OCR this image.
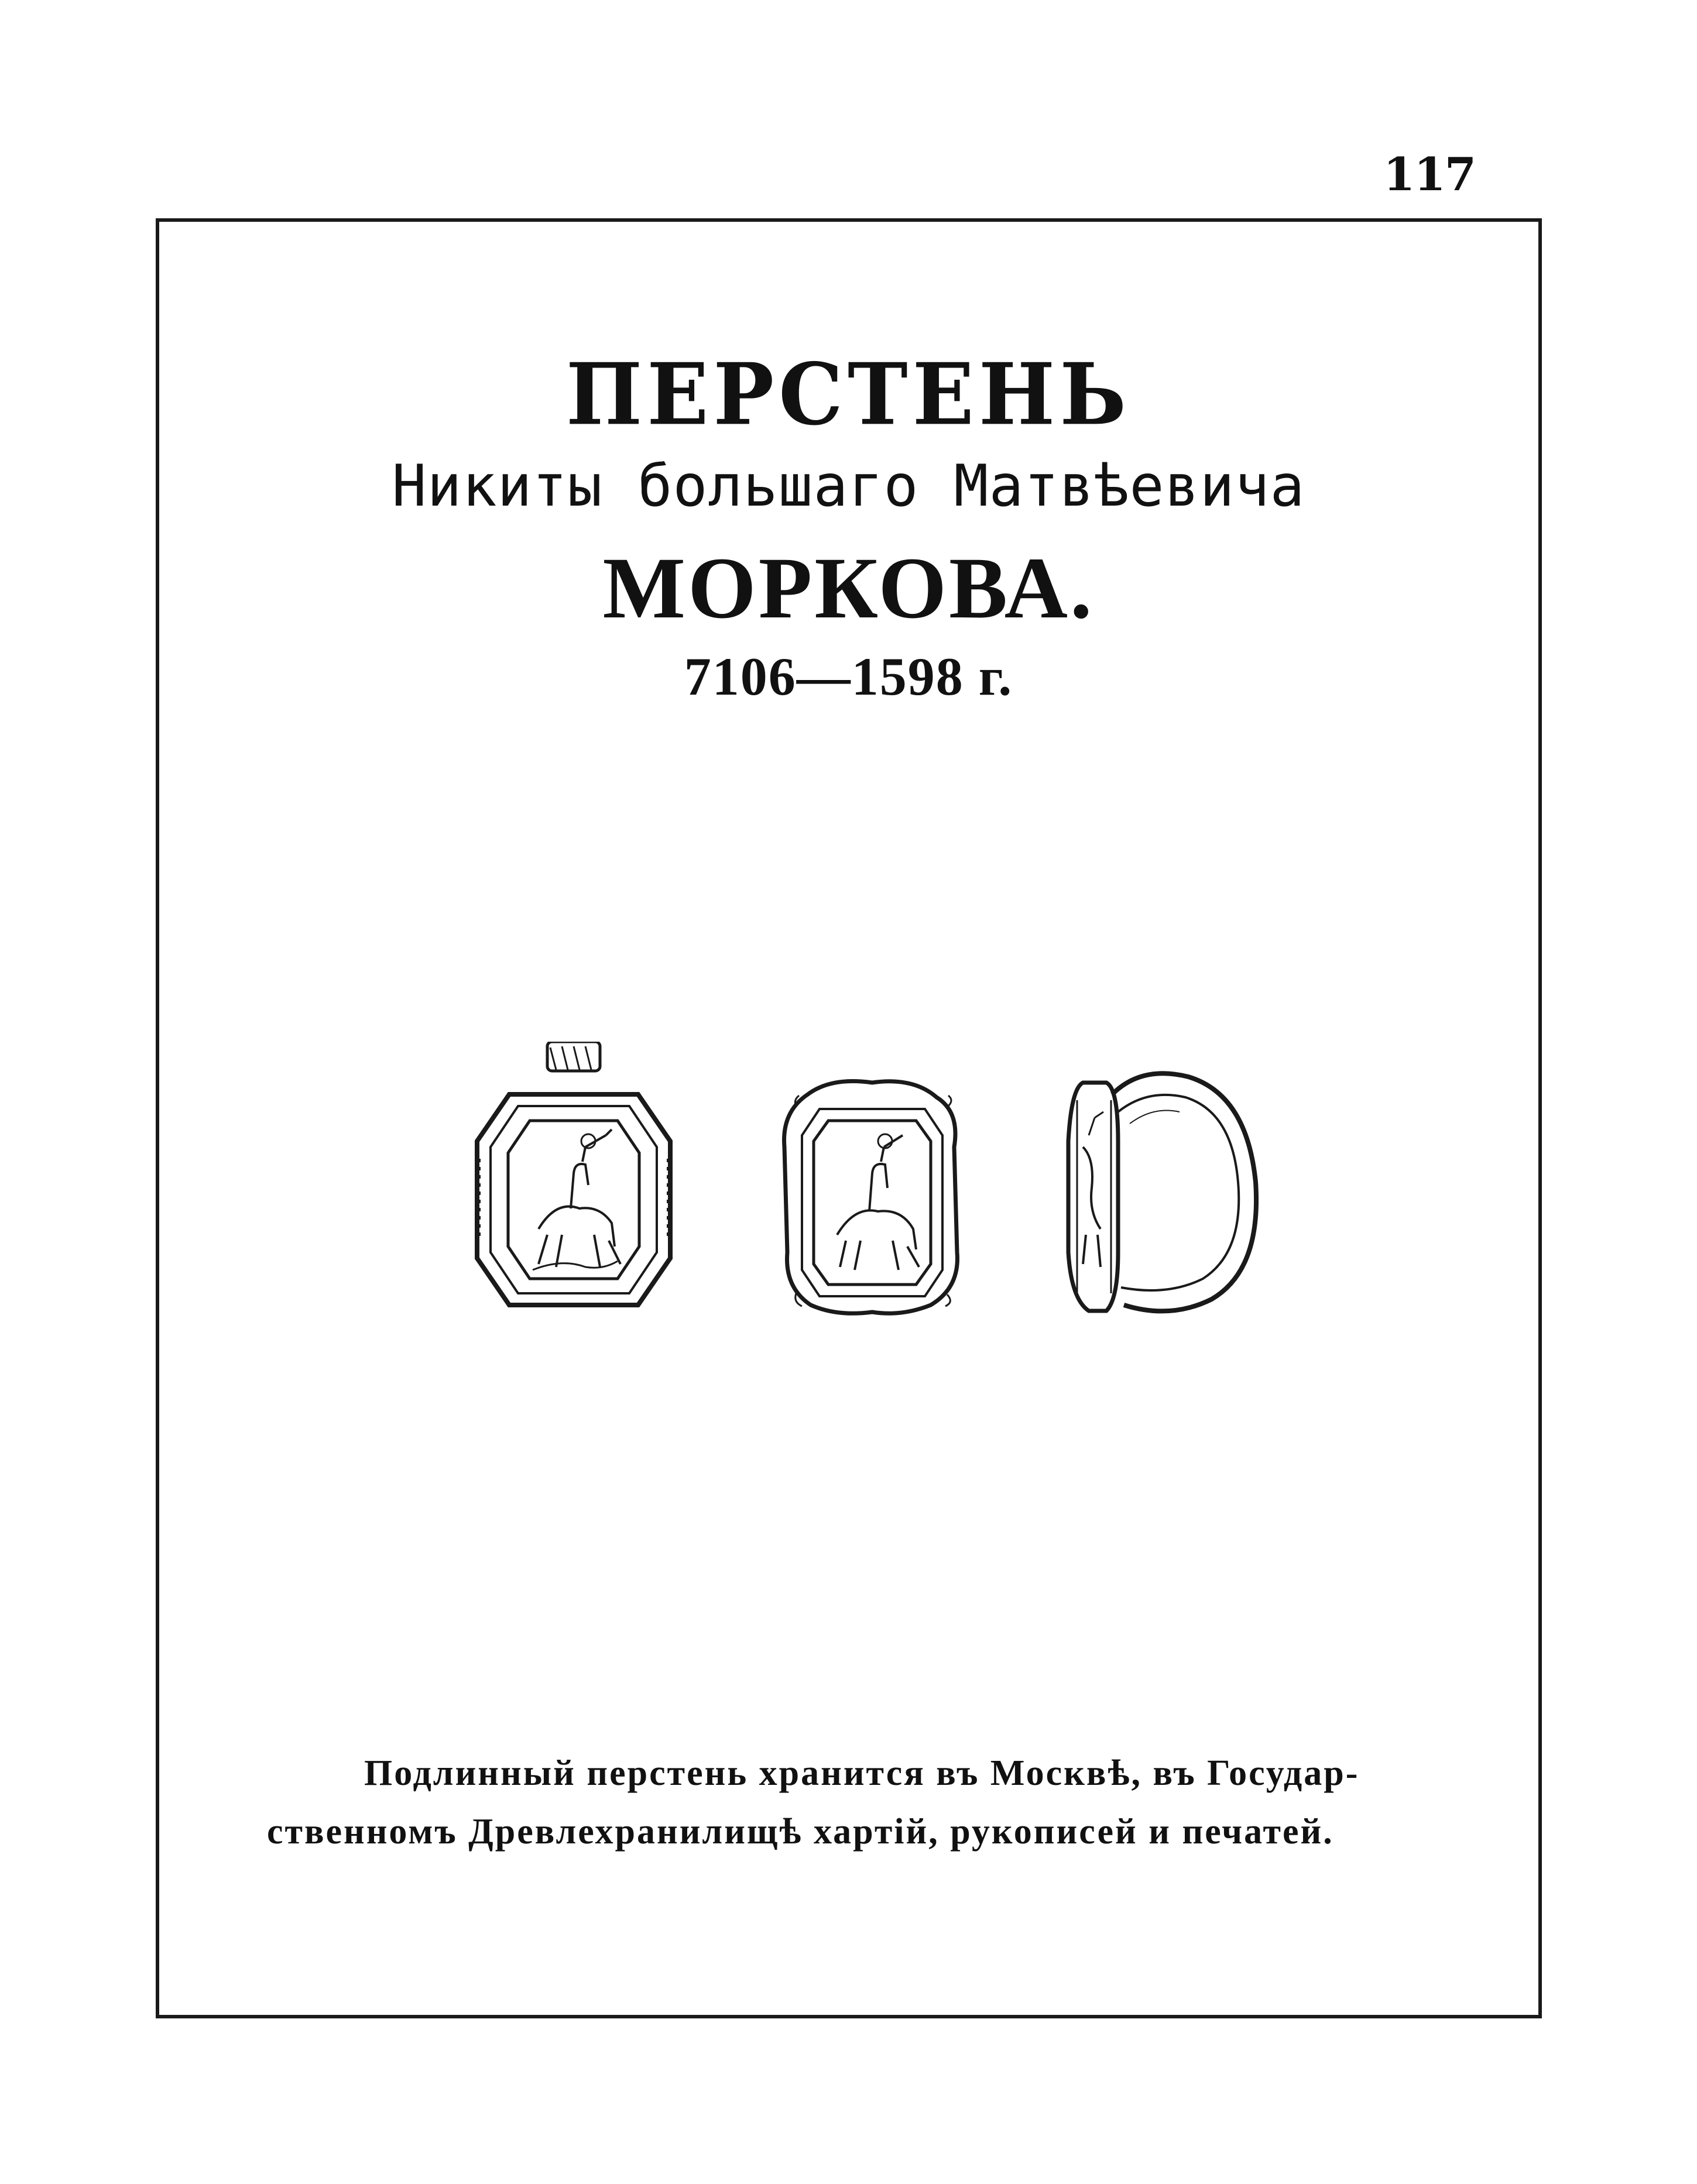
117
ПЕРСТЕНЬ
Никиты большаго Матвѣевича
МОРКОВА.
7106—1598 г.
Подлинный перстень хранится въ Москвѣ, въ Государ-
ственномъ Древлехранилищѣ хартій, рукописей и печатей.
